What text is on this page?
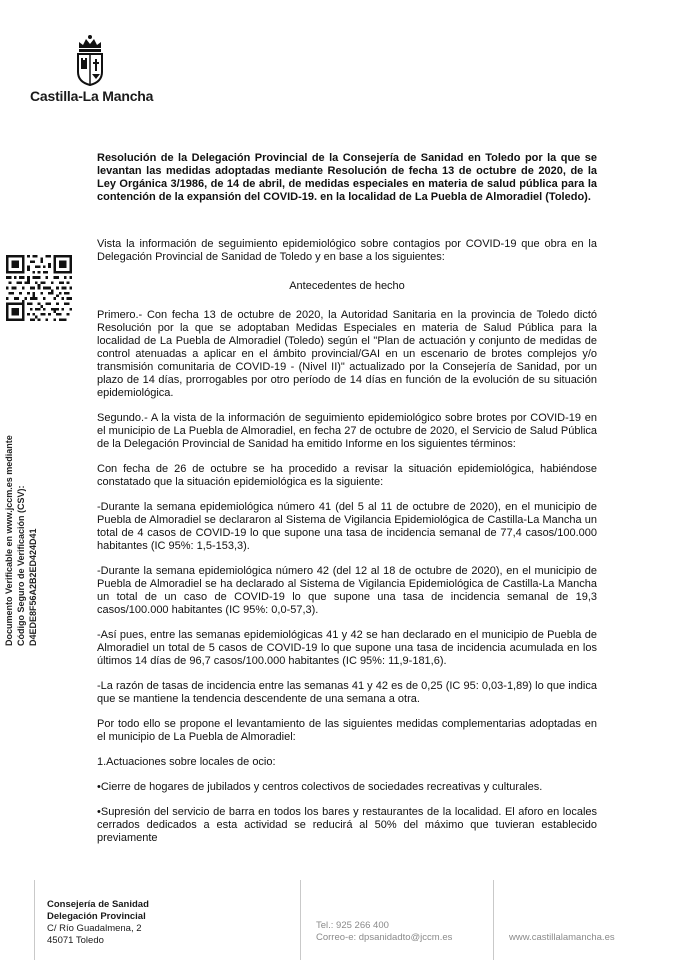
Castilla-La Mancha
Documento Verificable en www.jccm.es mediante Código Seguro de Verificación (CSV): D4EDE8F56A2B2ED424D41

Resolución de la Delegación Provincial de la Consejería de Sanidad en Toledo por la que se levantan las medidas adoptadas mediante Resolución de fecha 13 de octubre de 2020, de la Ley Orgánica 3/1986, de 14 de abril, de medidas especiales en materia de salud pública para la contención de la expansión del COVID-19. en la localidad de La Puebla de Almoradiel (Toledo).

Vista la información de seguimiento epidemiológico sobre contagios por COVID-19 que obra en la Delegación Provincial de Sanidad de Toledo y en base a los siguientes:

Antecedentes de hecho

Primero.- Con fecha 13 de octubre de 2020, la Autoridad Sanitaria en la provincia de Toledo dictó Resolución por la que se adoptaban Medidas Especiales en materia de Salud Pública para la localidad de La Puebla de Almoradiel (Toledo) según el "Plan de actuación y conjunto de medidas de control atenuadas a aplicar en el ámbito provincial/GAI en un escenario de brotes complejos y/o transmisión comunitaria de COVID-19 - (Nivel II)" actualizado por la Consejería de Sanidad, por un plazo de 14 días, prorrogables por otro período de 14 días en función de la evolución de su situación epidemiológica.

Segundo.- A la vista de la información de seguimiento epidemiológico sobre brotes por COVID-19 en el municipio de La Puebla de Almoradiel, en fecha 27 de octubre de 2020, el Servicio de Salud Pública de la Delegación Provincial de Sanidad ha emitido Informe en los siguientes términos:

Con fecha de 26 de octubre se ha procedido a revisar la situación epidemiológica, habiéndose constatado que la situación epidemiológica es la siguiente:

-Durante la semana epidemiológica número 41 (del 5 al 11 de octubre de 2020), en el municipio de Puebla de Almoradiel se declararon al Sistema de Vigilancia Epidemiológica de Castilla-La Mancha un total de 4 casos de COVID-19 lo que supone una tasa de incidencia semanal de 77,4 casos/100.000 habitantes (IC 95%: 1,5-153,3).

-Durante la semana epidemiológica número 42 (del 12 al 18 de octubre de 2020), en el municipio de Puebla de Almoradiel se ha declarado al Sistema de Vigilancia Epidemiológica de Castilla-La Mancha un total de un caso de COVID-19 lo que supone una tasa de incidencia semanal de 19,3 casos/100.000 habitantes (IC 95%: 0,0-57,3).

-Así pues, entre las semanas epidemiológicas 41 y 42 se han declarado en el municipio de Puebla de Almoradiel un total de 5 casos de COVID-19 lo que supone una tasa de incidencia acumulada en los últimos 14 días de 96,7 casos/100.000 habitantes (IC 95%: 11,9-181,6).

-La razón de tasas de incidencia entre las semanas 41 y 42 es de 0,25 (IC 95: 0,03-1,89) lo que indica que se mantiene la tendencia descendente de una semana a otra.

Por todo ello se propone el levantamiento de las siguientes medidas complementarias adoptadas en el municipio de La Puebla de Almoradiel:

1.Actuaciones sobre locales de ocio:

•Cierre de hogares de jubilados y centros colectivos de sociedades recreativas y culturales.

•Supresión del servicio de barra en todos los bares y restaurantes de la localidad. El aforo en locales cerrados dedicados a esta actividad se reducirá al 50% del máximo que tuvieran establecido previamente

Consejería de Sanidad
Delegación Provincial
C/ Río Guadalmena, 2
45071 Toledo
Tel.: 925 266 400
Correo-e: dpsanidadto@jccm.es	www.castillalamancha.es
